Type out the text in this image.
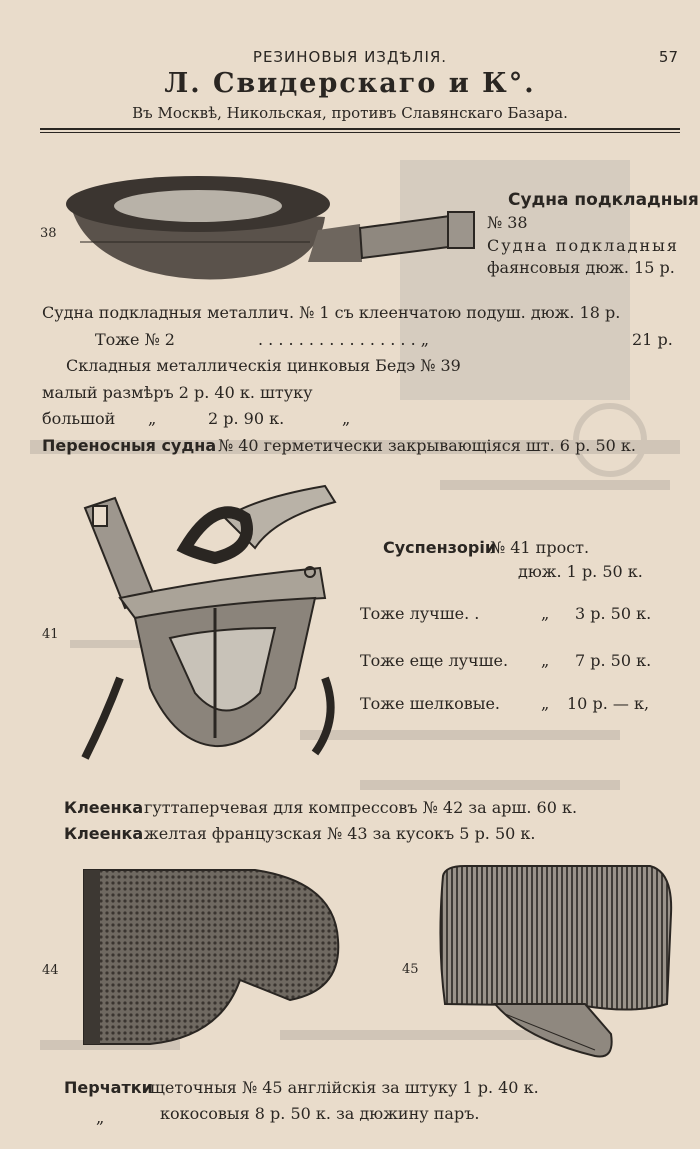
РЕЗИНОВЫЯ ИЗДѢЛІЯ.	57
Л. Свидерскаго и К°.
Въ Москвѣ, Никольская, противъ Славянскаго Базара.
38
Судна подкладныя
№ 38
Судна подкладныя
фаянсовыя дюж. 15 р.
Судна подкладныя металлич. № 1 съ клеенчатою подуш. дюж. 18 р.
Тоже № 2	. . . . . . . . . . . . . . . . „	21 р.
Складныя металлическія цинковыя Бедэ № 39
малый размѣръ 2 р. 40 к. штуку
большой „	2 р. 90 к.	„
Переносныя судна № 40 герметически закрывающіяся шт. 6 р. 50 к.
41
Суспензоріи
№ 41 прост.
дюж. 1 р. 50 к.
Тоже лучше. .	„ 3 р. 50 к.
Тоже еще лучше. „ 7 р. 50 к.
Тоже шелковые.	„ 10 р. — к,
Клеенка гуттаперчевая для компрессовъ № 42 за арш. 60 к.
Клеенка желтая французская № 43 за кусокъ 5 р. 50 к.
44	45
Перчатки
щеточныя № 45 англійскія за штуку 1 р. 40 к.
„	кокосовыя 8 р. 50 к. за дюжину паръ.
